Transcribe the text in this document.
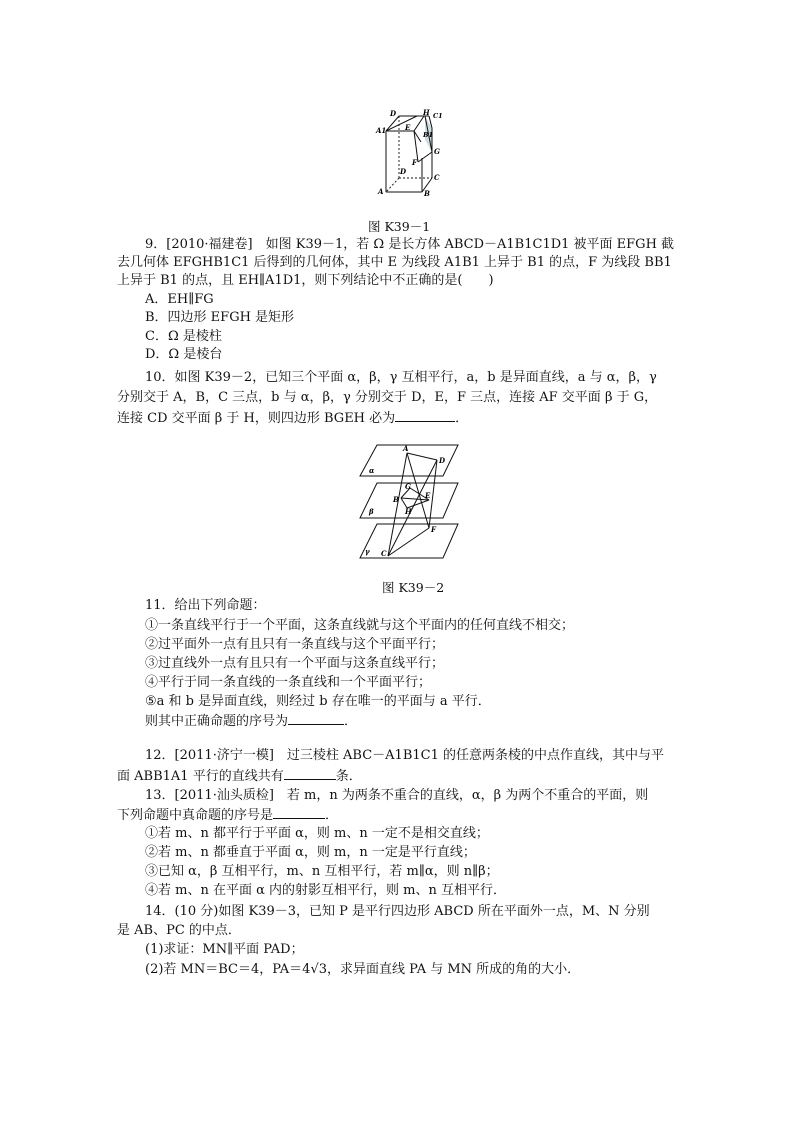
D	H C1
A1	E
B1
G
F
D
C
A	B
图 K39－1
9．[2010·福建卷]　如图 K39－1，若 Ω 是长方体 ABCD－A1B1C1D1 被平面 EFGH 截
去几何体 EFGHB1C1 后得到的几何体，其中 E 为线段 A1B1 上异于 B1 的点，F 为线段 BB1
上异于 B1 的点，且 EH∥A1D1，则下列结论中不正确的是(　　)
A．EH∥FG
B．四边形 EFGH 是矩形
C．Ω 是棱柱
D．Ω 是棱台
10．如图 K39－2，已知三个平面 α，β，γ 互相平行，a，b 是异面直线，a 与 α，β，γ
分别交于 A，B，C 三点，b 与 α，β，γ 分别交于 D，E，F 三点，连接 AF 交平面 β 于 G，
连接 CD 交平面 β 于 H，则四边形 BGEH 必为	．
A
D
α
β
B
G
E
H
F
C
γ
图 K39－2
11．给出下列命题：
①一条直线平行于一个平面，这条直线就与这个平面内的任何直线不相交；
②过平面外一点有且只有一条直线与这个平面平行；
③过直线外一点有且只有一个平面与这条直线平行；
④平行于同一条直线的一条直线和一个平面平行；
⑤a 和 b 是异面直线，则经过 b 存在唯一的平面与 a 平行．
则其中正确命题的序号为	．
12．[2011·济宁一模]　过三棱柱 ABC－A1B1C1 的任意两条棱的中点作直线，其中与平
面 ABB1A1 平行的直线共有	条．
13．[2011·汕头质检]　若 m，n 为两条不重合的直线，α，β 为两个不重合的平面，则
下列命题中真命题的序号是	．
①若 m、n 都平行于平面 α，则 m、n 一定不是相交直线；
②若 m、n 都垂直于平面 α，则 m，n 一定是平行直线；
③已知 α，β 互相平行，m、n 互相平行，若 m∥α，则 n∥β；
④若 m、n 在平面 α 内的射影互相平行，则 m、n 互相平行．
14．(10 分)如图 K39－3，已知 P 是平行四边形 ABCD 所在平面外一点，M、N 分别
是 AB、PC 的中点．
(1)求证：MN∥平面 PAD；
(2)若 MN＝BC＝4，PA＝4√3，求异面直线 PA 与 MN 所成的角的大小．
